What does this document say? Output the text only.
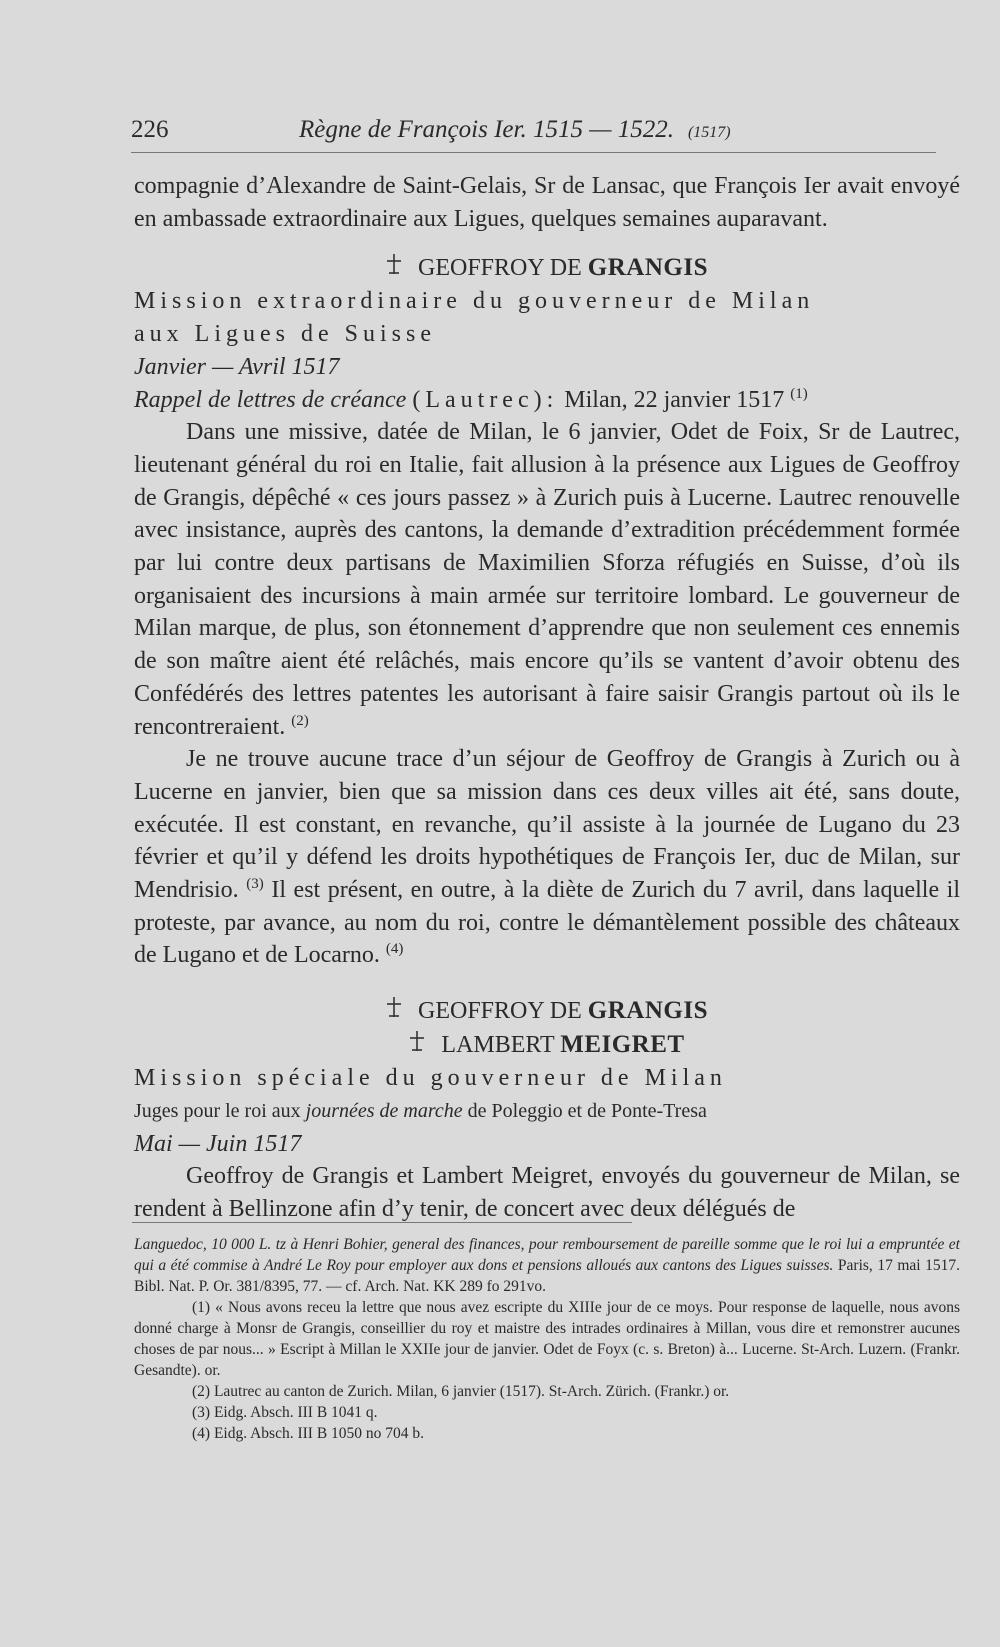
226	Règne de François Ier. 1515 — 1522. (1517)

compagnie d’Alexandre de Saint-Gelais, Sr de Lansac, que François Ier avait envoyé en ambassade extraordinaire aux Ligues, quelques semaines auparavant.

GEOFFROY DE GRANGIS

Mission extraordinaire du gouverneur de Milan

aux Ligues de Suisse

Janvier — Avril 1517

Rappel de lettres de créance (Lautrec): Milan, 22 janvier 1517 $^{(1)}$

Dans une missive, datée de Milan, le 6 janvier, Odet de Foix, Sr de Lautrec, lieutenant général du roi en Italie, fait allusion à la présence aux Ligues de Geoffroy de Grangis, dépêché « ces jours passez » à Zurich puis à Lucerne. Lautrec renouvelle avec insistance, auprès des cantons, la demande d’extradition précédemment formée par lui contre deux partisans de Maximilien Sforza réfugiés en Suisse, d’où ils organisaient des incursions à main armée sur territoire lombard. Le gouverneur de Milan marque, de plus, son étonnement d’apprendre que non seulement ces ennemis de son maître aient été relâchés, mais encore qu’ils se vantent d’avoir obtenu des Confédérés des lettres patentes les autorisant à faire saisir Grangis partout où ils le rencontreraient. $^{(2)}$

Je ne trouve aucune trace d’un séjour de Geoffroy de Grangis à Zurich ou à Lucerne en janvier, bien que sa mission dans ces deux villes ait été, sans doute, exécutée. Il est constant, en revanche, qu’il assiste à la journée de Lugano du 23 février et qu’il y défend les droits hypothétiques de François Ier, duc de Milan, sur Mendrisio. $^{(3)}$ Il est présent, en outre, à la diète de Zurich du 7 avril, dans laquelle il proteste, par avance, au nom du roi, contre le démantèlement possible des châteaux de Lugano et de Locarno. $^{(4)}$

GEOFFROY DE GRANGIS
LAMBERT MEIGRET

Mission spéciale du gouverneur de Milan

Juges pour le roi aux journées de marche de Poleggio et de Ponte-Tresa

Mai — Juin 1517

Geoffroy de Grangis et Lambert Meigret, envoyés du gouverneur de Milan, se rendent à Bellinzone afin d’y tenir, de concert avec deux délégués de

Languedoc, 10 000 L. tz à Henri Bohier, general des finances, pour remboursement de pareille somme que le roi lui a empruntée et qui a été commise à André Le Roy pour employer aux dons et pensions alloués aux cantons des Ligues suisses. Paris, 17 mai 1517. Bibl. Nat. P. Or. 381/8395, 77. — cf. Arch. Nat. KK 289 fo 291vo.

(1) « Nous avons receu la lettre que nous avez escripte du XIIIe jour de ce moys. Pour response de laquelle, nous avons donné charge à Monsr de Grangis, conseillier du roy et maistre des intrades ordinaires à Millan, vous dire et remonstrer aucunes choses de par nous... » Escript à Millan le XXIIe jour de janvier. Odet de Foyx (c. s. Breton) à... Lucerne. St-Arch. Luzern. (Frankr. Gesandte). or.

(2) Lautrec au canton de Zurich. Milan, 6 janvier (1517). St-Arch. Zürich. (Frankr.) or.

(3) Eidg. Absch. III B 1041 q.

(4) Eidg. Absch. III B 1050 no 704 b.
